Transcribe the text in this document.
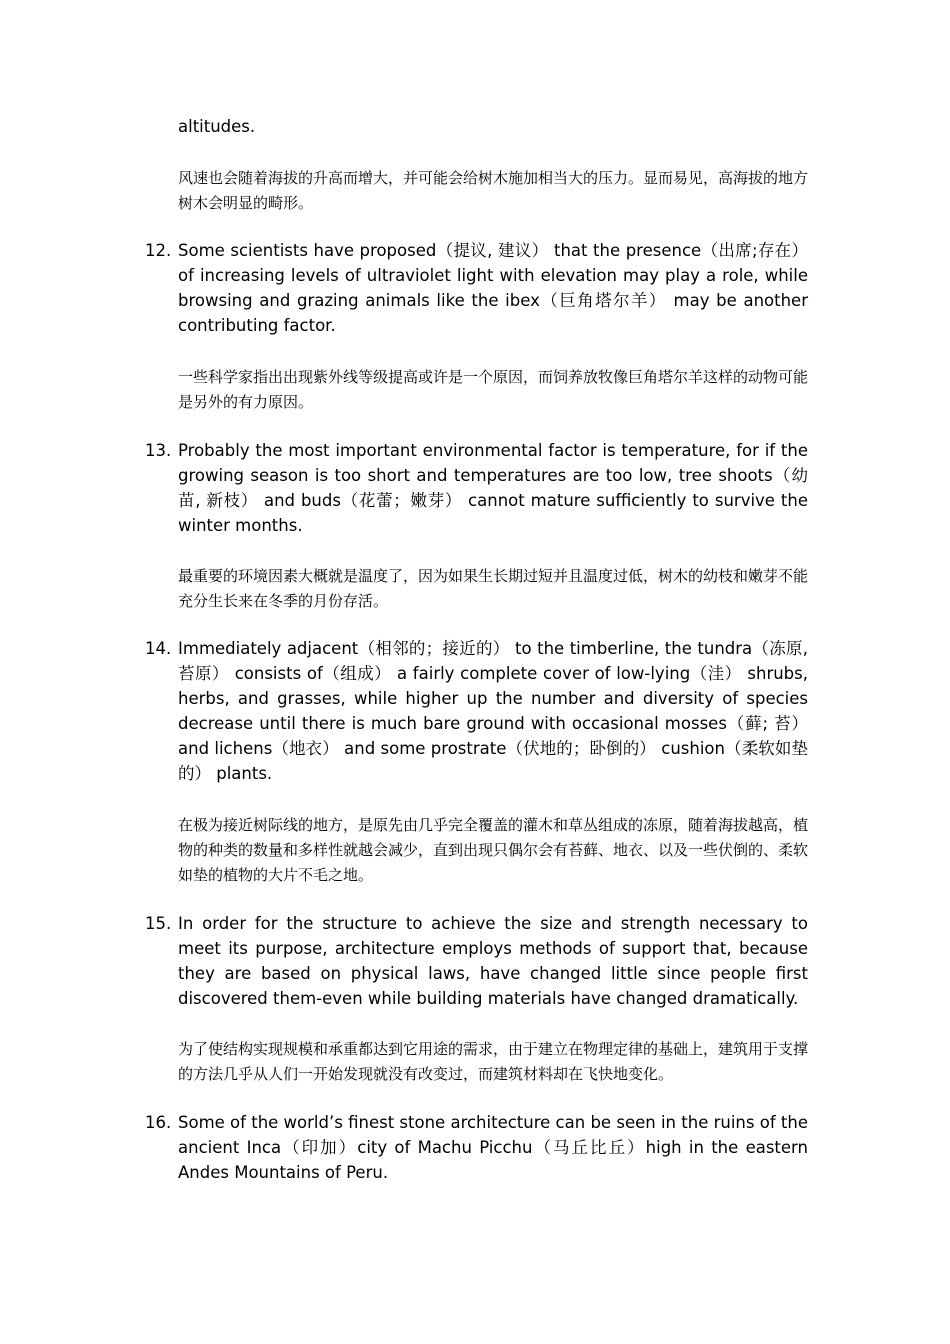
altitudes.

风速也会随着海拔的升高而增大，并可能会给树木施加相当大的压力。显而易见，高海拔的地方树木会明显的畸形。

12. Some scientists have proposed（提议, 建议） that the presence（出席;存在） of increasing levels of ultraviolet light with elevation may play a role, while browsing and grazing animals like the ibex（巨角塔尔羊） may be another contributing factor.

一些科学家指出出现紫外线等级提高或许是一个原因，而饲养放牧像巨角塔尔羊这样的动物可能是另外的有力原因。

13. Probably the most important environmental factor is temperature, for if the growing season is too short and temperatures are too low, tree shoots（幼苗, 新枝） and buds（花蕾；嫩芽） cannot mature sufficiently to survive the winter months.

最重要的环境因素大概就是温度了，因为如果生长期过短并且温度过低，树木的幼枝和嫩芽不能充分生长来在冬季的月份存活。

14. Immediately adjacent（相邻的；接近的） to the timberline, the tundra（冻原, 苔原） consists of（组成） a fairly complete cover of low-lying（洼） shrubs, herbs, and grasses, while higher up the number and diversity of species decrease until there is much bare ground with occasional mosses（藓; 苔） and lichens（地衣） and some prostrate（伏地的；卧倒的） cushion（柔软如垫的） plants.

在极为接近树际线的地方，是原先由几乎完全覆盖的灌木和草丛组成的冻原，随着海拔越高，植物的种类的数量和多样性就越会减少，直到出现只偶尔会有苔藓、地衣、以及一些伏倒的、柔软如垫的植物的大片不毛之地。

15. In order for the structure to achieve the size and strength necessary to meet its purpose, architecture employs methods of support that, because they are based on physical laws, have changed little since people first discovered them-even while building materials have changed dramatically.

为了使结构实现规模和承重都达到它用途的需求，由于建立在物理定律的基础上，建筑用于支撑的方法几乎从人们一开始发现就没有改变过，而建筑材料却在飞快地变化。

16. Some of the world’s finest stone architecture can be seen in the ruins of the ancient Inca（印加）city of Machu Picchu（马丘比丘）high in the eastern Andes Mountains of Peru.
